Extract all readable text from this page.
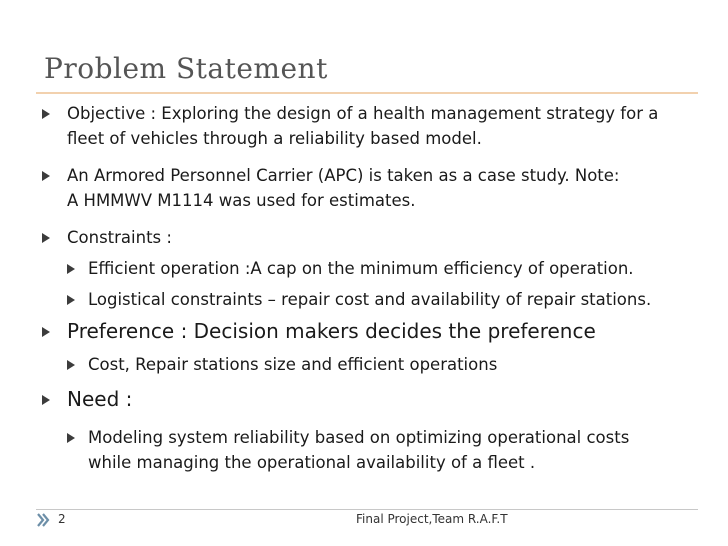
Problem Statement
Objective : Exploring the design of a health management strategy for a
fleet of vehicles through a reliability based model.
An Armored Personnel Carrier (APC) is taken as a case study. Note:
A HMMWV M1114 was used for estimates.
Constraints :
Efficient operation :A cap on the minimum efficiency of operation.
Logistical constraints – repair cost and availability of repair stations.
Preference : Decision makers decides the preference
Cost, Repair stations size and efficient operations
Need :
Modeling system reliability based on optimizing operational costs
while managing the operational availability of a fleet .
2	Final Project,Team R.A.F.T
